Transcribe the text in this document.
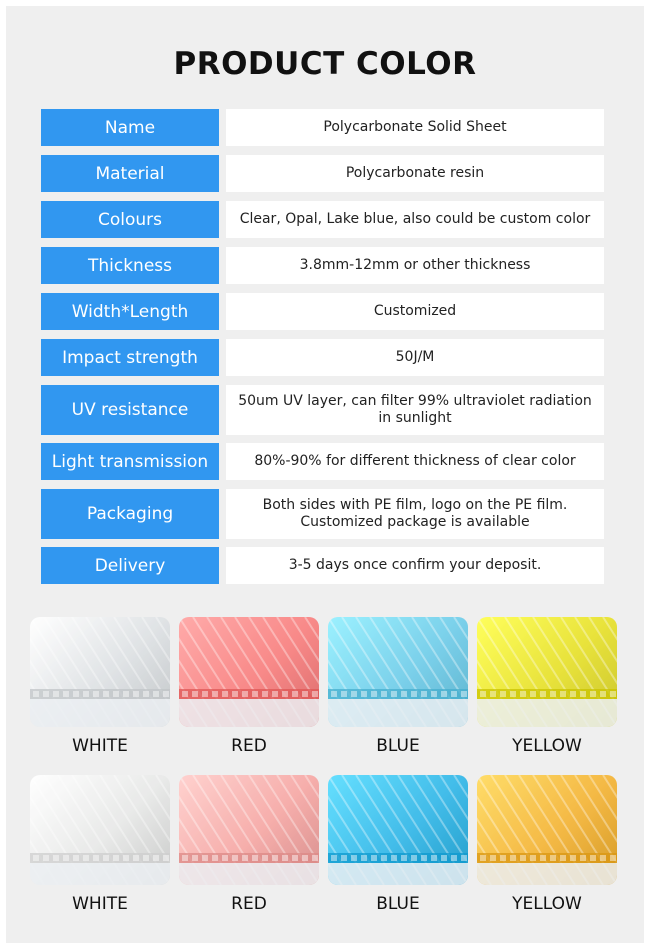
PRODUCT COLOR
Name	Polycarbonate Solid Sheet
Material	Polycarbonate resin
Colours	Clear, Opal, Lake blue, also could be custom color
Thickness	3.8mm-12mm or other thickness
Width*Length	Customized
Impact strength	50J/M
UV resistance	50um UV layer, can filter 99% ultraviolet radiation in sunlight
Light transmission	80%-90% for different thickness of clear color
Packaging	Both sides with PE film, logo on the PE film. Customized package is available
Delivery	3-5 days once confirm your deposit.
WHITE	RED	BLUE	YELLOW
WHITE	RED	BLUE	YELLOW
